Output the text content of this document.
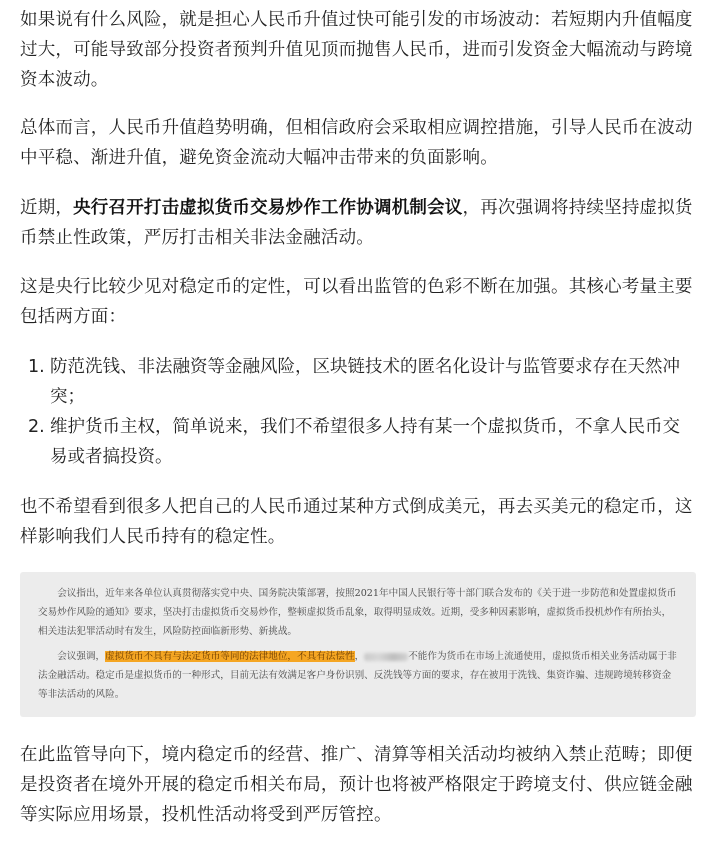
如果说有什么风险，就是担心人民币升值过快可能引发的市场波动：若短期内升值幅度过大，可能导致部分投资者预判升值见顶而抛售人民币，进而引发资金大幅流动与跨境资本波动。

总体而言，人民币升值趋势明确，但相信政府会采取相应调控措施，引导人民币在波动中平稳、渐进升值，避免资金流动大幅冲击带来的负面影响。

近期，央行召开打击虚拟货币交易炒作工作协调机制会议，再次强调将持续坚持虚拟货币禁止性政策，严厉打击相关非法金融活动。

这是央行比较少见对稳定币的定性，可以看出监管的色彩不断在加强。其核心考量主要包括两方面：

1. 防范洗钱、非法融资等金融风险，区块链技术的匿名化设计与监管要求存在天然冲突；
2. 维护货币主权，简单说来，我们不希望很多人持有某一个虚拟货币，不拿人民币交易或者搞投资。

也不希望看到很多人把自己的人民币通过某种方式倒成美元，再去买美元的稳定币，这样影响我们人民币持有的稳定性。

在此监管导向下，境内稳定币的经营、推广、清算等相关活动均被纳入禁止范畴；即便是投资者在境外开展的稳定币相关布局，预计也将被严格限定于跨境支付、供应链金融等实际应用场景，投机性活动将受到严厉管控。

会议指出，近年来各单位认真贯彻落实党中央、国务院决策部署，按照2021年中国人民银行等十部门联合发布的《关于进一步防范和处置虚拟货币交易炒作风险的通知》要求，坚决打击虚拟货币交易炒作，整顿虚拟货币乱象，取得明显成效。近期，受多种因素影响，虚拟货币投机炒作有所抬头，相关违法犯罪活动时有发生，风险防控面临新形势、新挑战。

会议强调，虚拟货币不具有与法定货币等同的法律地位，不具有法偿性，	不能作为货币在市场上流通使用，虚拟货币相关业务活动属于非法金融活动。稳定币是虚拟货币的一种形式，目前无法有效满足客户身份识别、反洗钱等方面的要求，存在被用于洗钱、集资诈骗、违规跨境转移资金等非法活动的风险。
